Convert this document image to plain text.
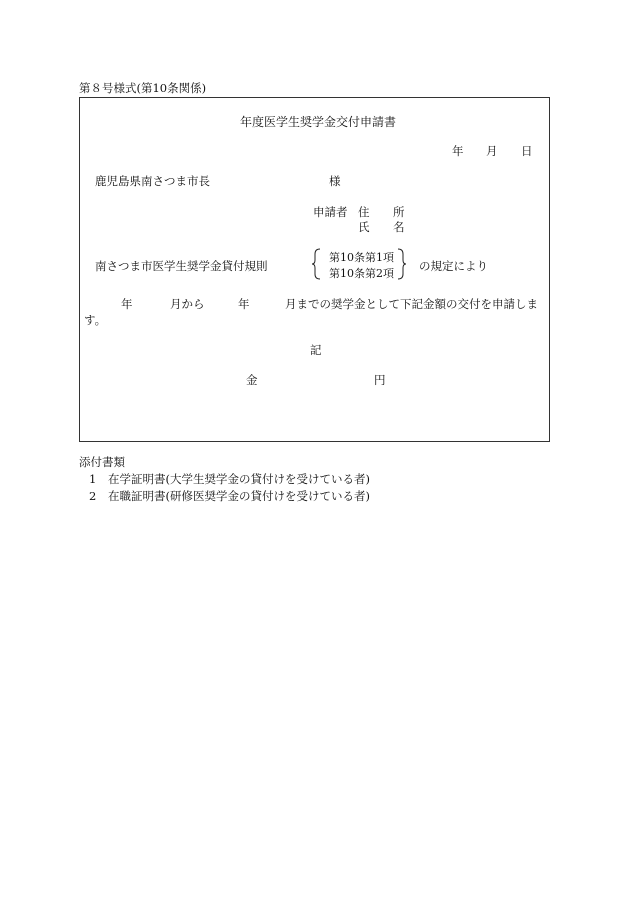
第８号様式(第10条関係)
年度医学生奨学金交付申請書
年 月 日
鹿児島県南さつま市長	様
申請者 住 所
氏 名
南さつま市医学生奨学金貸付規則
第10条第1項
第10条第2項
の規定により
年	月から	年	月までの奨学金として下記金額の交付を申請しま
す。
記
金	円
添付書類
1 在学証明書(大学生奨学金の貸付けを受けている者)
2 在職証明書(研修医奨学金の貸付けを受けている者)
